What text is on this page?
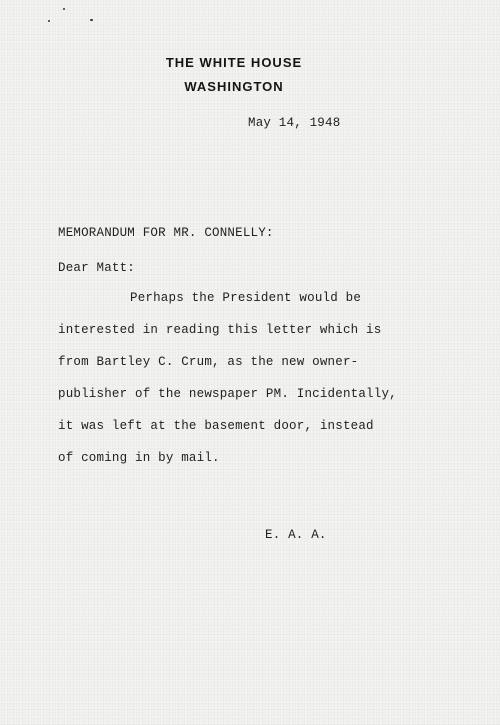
THE WHITE HOUSE
WASHINGTON
May 14, 1948
MEMORANDUM FOR MR. CONNELLY:
Dear Matt:
Perhaps the President would be
interested in reading this letter which is
from Bartley C. Crum, as the new owner-
publisher of the newspaper PM. Incidentally,
it was left at the basement door, instead
of coming in by mail.
E. A. A.
